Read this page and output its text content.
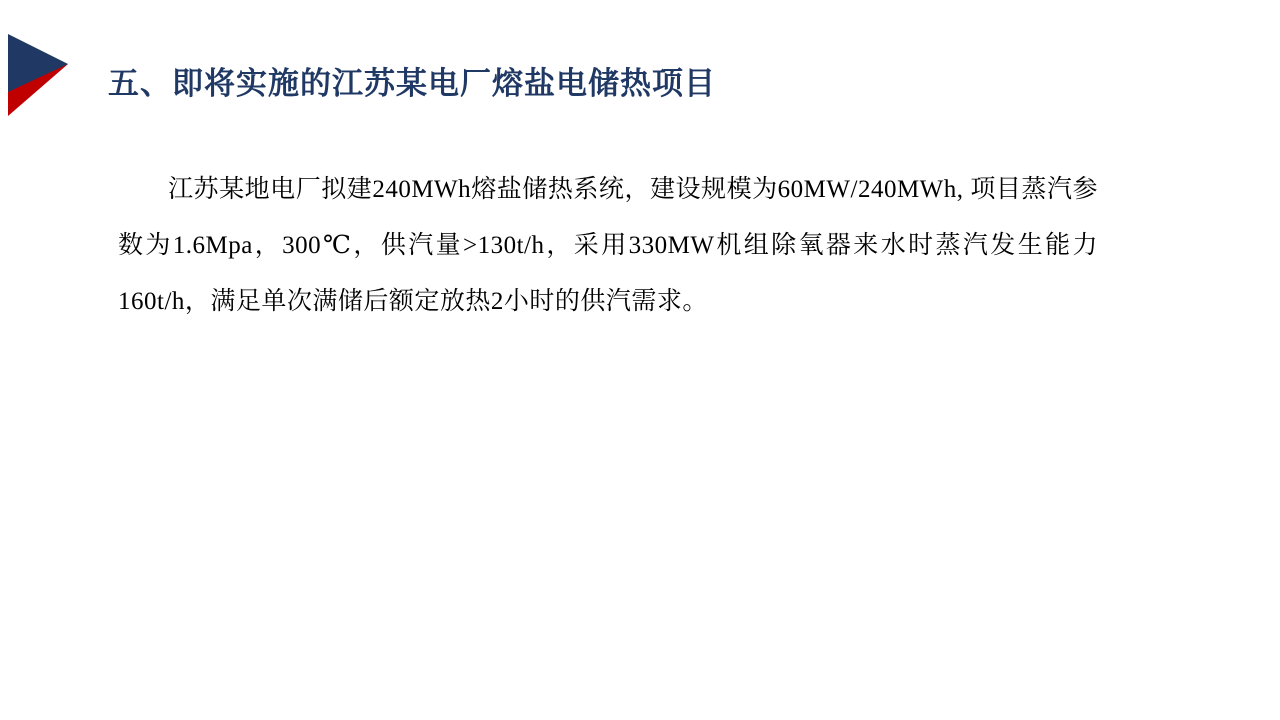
五、即将实施的江苏某电厂熔盐电储热项目
江苏某地电厂拟建240MWh熔盐储热系统，建设规模为60MW/240MWh, 项目蒸汽参数为1.6Mpa，300℃，供汽量>130t/h，采用330MW机组除氧器来水时蒸汽发生能力160t/h，满足单次满储后额定放热2小时的供汽需求。
